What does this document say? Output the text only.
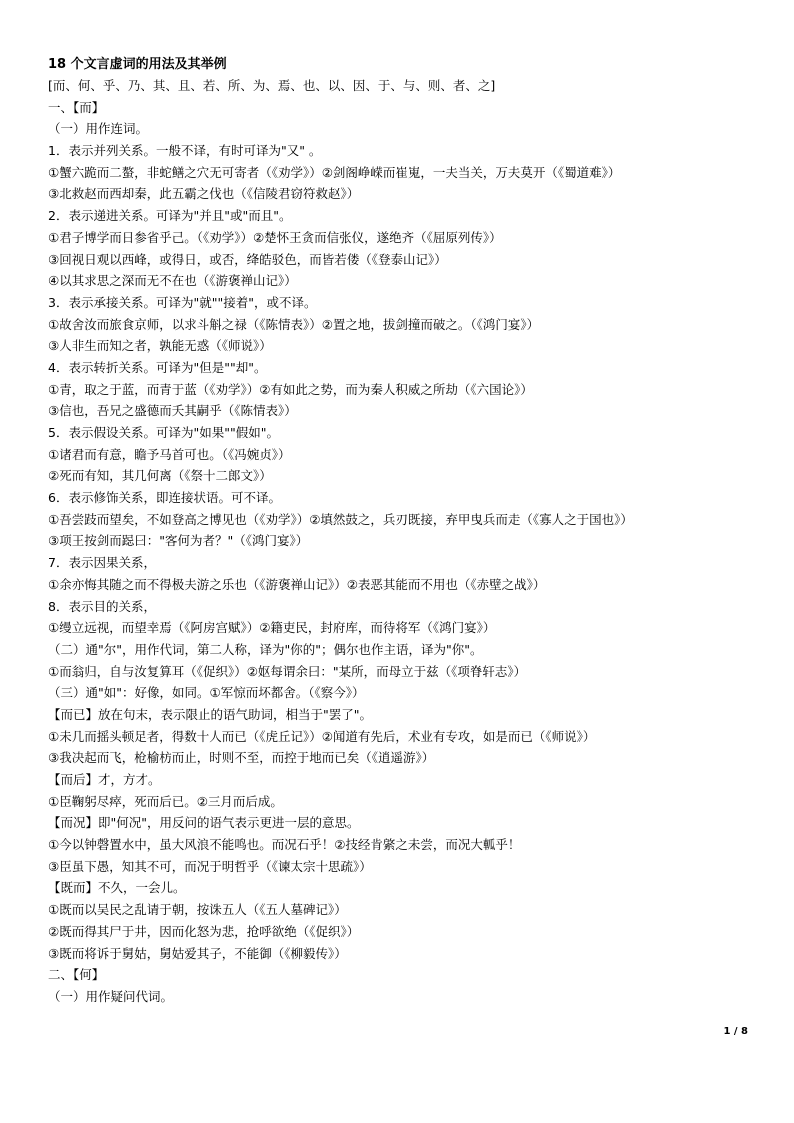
18 个文言虚词的用法及其举例
[而、何、乎、乃、其、且、若、所、为、焉、也、以、因、于、与、则、者、之]
一、【而】
（一）用作连词。
1．表示并列关系。一般不译，有时可译为"又" 。
①蟹六跪而二螯，非蛇鳝之穴无可寄者（《劝学》）②剑阁峥嵘而崔嵬，一夫当关，万夫莫开（《蜀道难》）
③北救赵而西却秦，此五霸之伐也（《信陵君窃符救赵》）
2．表示递进关系。可译为"并且"或"而且"。
①君子博学而日参省乎己。（《劝学》）②楚怀王贪而信张仪，遂绝齐（《屈原列传》）
③回视日观以西峰，或得日，或否，绛皓驳色，而皆若偻（《登泰山记》）
④以其求思之深而无不在也（《游褒禅山记》）
3．表示承接关系。可译为"就""接着"，或不译。
①故舍汝而旅食京师，以求斗斛之禄（《陈情表》）②置之地，拔剑撞而破之。（《鸿门宴》）
③人非生而知之者，孰能无惑（《师说》）
4．表示转折关系。可译为"但是""却"。
①青，取之于蓝，而青于蓝（《劝学》）②有如此之势，而为秦人积威之所劫（《六国论》）
③信也，吾兄之盛德而夭其嗣乎（《陈情表》）
5．表示假设关系。可译为"如果""假如"。
①诸君而有意，瞻予马首可也。（《冯婉贞》）
②死而有知，其几何离（《祭十二郎文》）
6．表示修饰关系，即连接状语。可不译。
①吾尝跂而望矣，不如登高之博见也（《劝学》）②填然鼓之，兵刃既接，弃甲曳兵而走（《寡人之于国也》）
③项王按剑而跽曰："客何为者？"（《鸿门宴》）
7．表示因果关系，
①余亦悔其随之而不得极夫游之乐也（《游褒禅山记》）②表恶其能而不用也（《赤壁之战》）
8．表示目的关系，
①缦立远视，而望幸焉（《阿房宫赋》）②籍吏民，封府库，而待将军（《鸿门宴》）
（二）通"尔"，用作代词，第二人称，译为"你的"；偶尔也作主语，译为"你"。
①而翁归，自与汝复算耳（《促织》）②妪每谓余曰："某所，而母立于兹（《项脊轩志》）
（三）通"如"：好像，如同。①军惊而坏都舍。（《察今》）
【而已】放在句末，表示限止的语气助词，相当于"罢了"。
①未几而摇头顿足者，得数十人而已（《虎丘记》）②闻道有先后，术业有专攻，如是而已（《师说》）
③我决起而飞，枪榆枋而止，时则不至，而控于地而已矣（《逍遥游》）
【而后】才，方才。
①臣鞠躬尽瘁，死而后已。②三月而后成。
【而况】即"何况"，用反问的语气表示更进一层的意思。
①今以钟磬置水中，虽大风浪不能鸣也。而况石乎！②技经肯綮之未尝，而况大軱乎！
③臣虽下愚，知其不可，而况于明哲乎（《谏太宗十思疏》）
【既而】不久，一会儿。
①既而以吴民之乱请于朝，按诛五人（《五人墓碑记》）
②既而得其尸于井，因而化怒为悲，抢呼欲绝（《促织》）
③既而将诉于舅姑，舅姑爱其子，不能御（《柳毅传》）
二、【何】
（一）用作疑问代词。
1 / 8
